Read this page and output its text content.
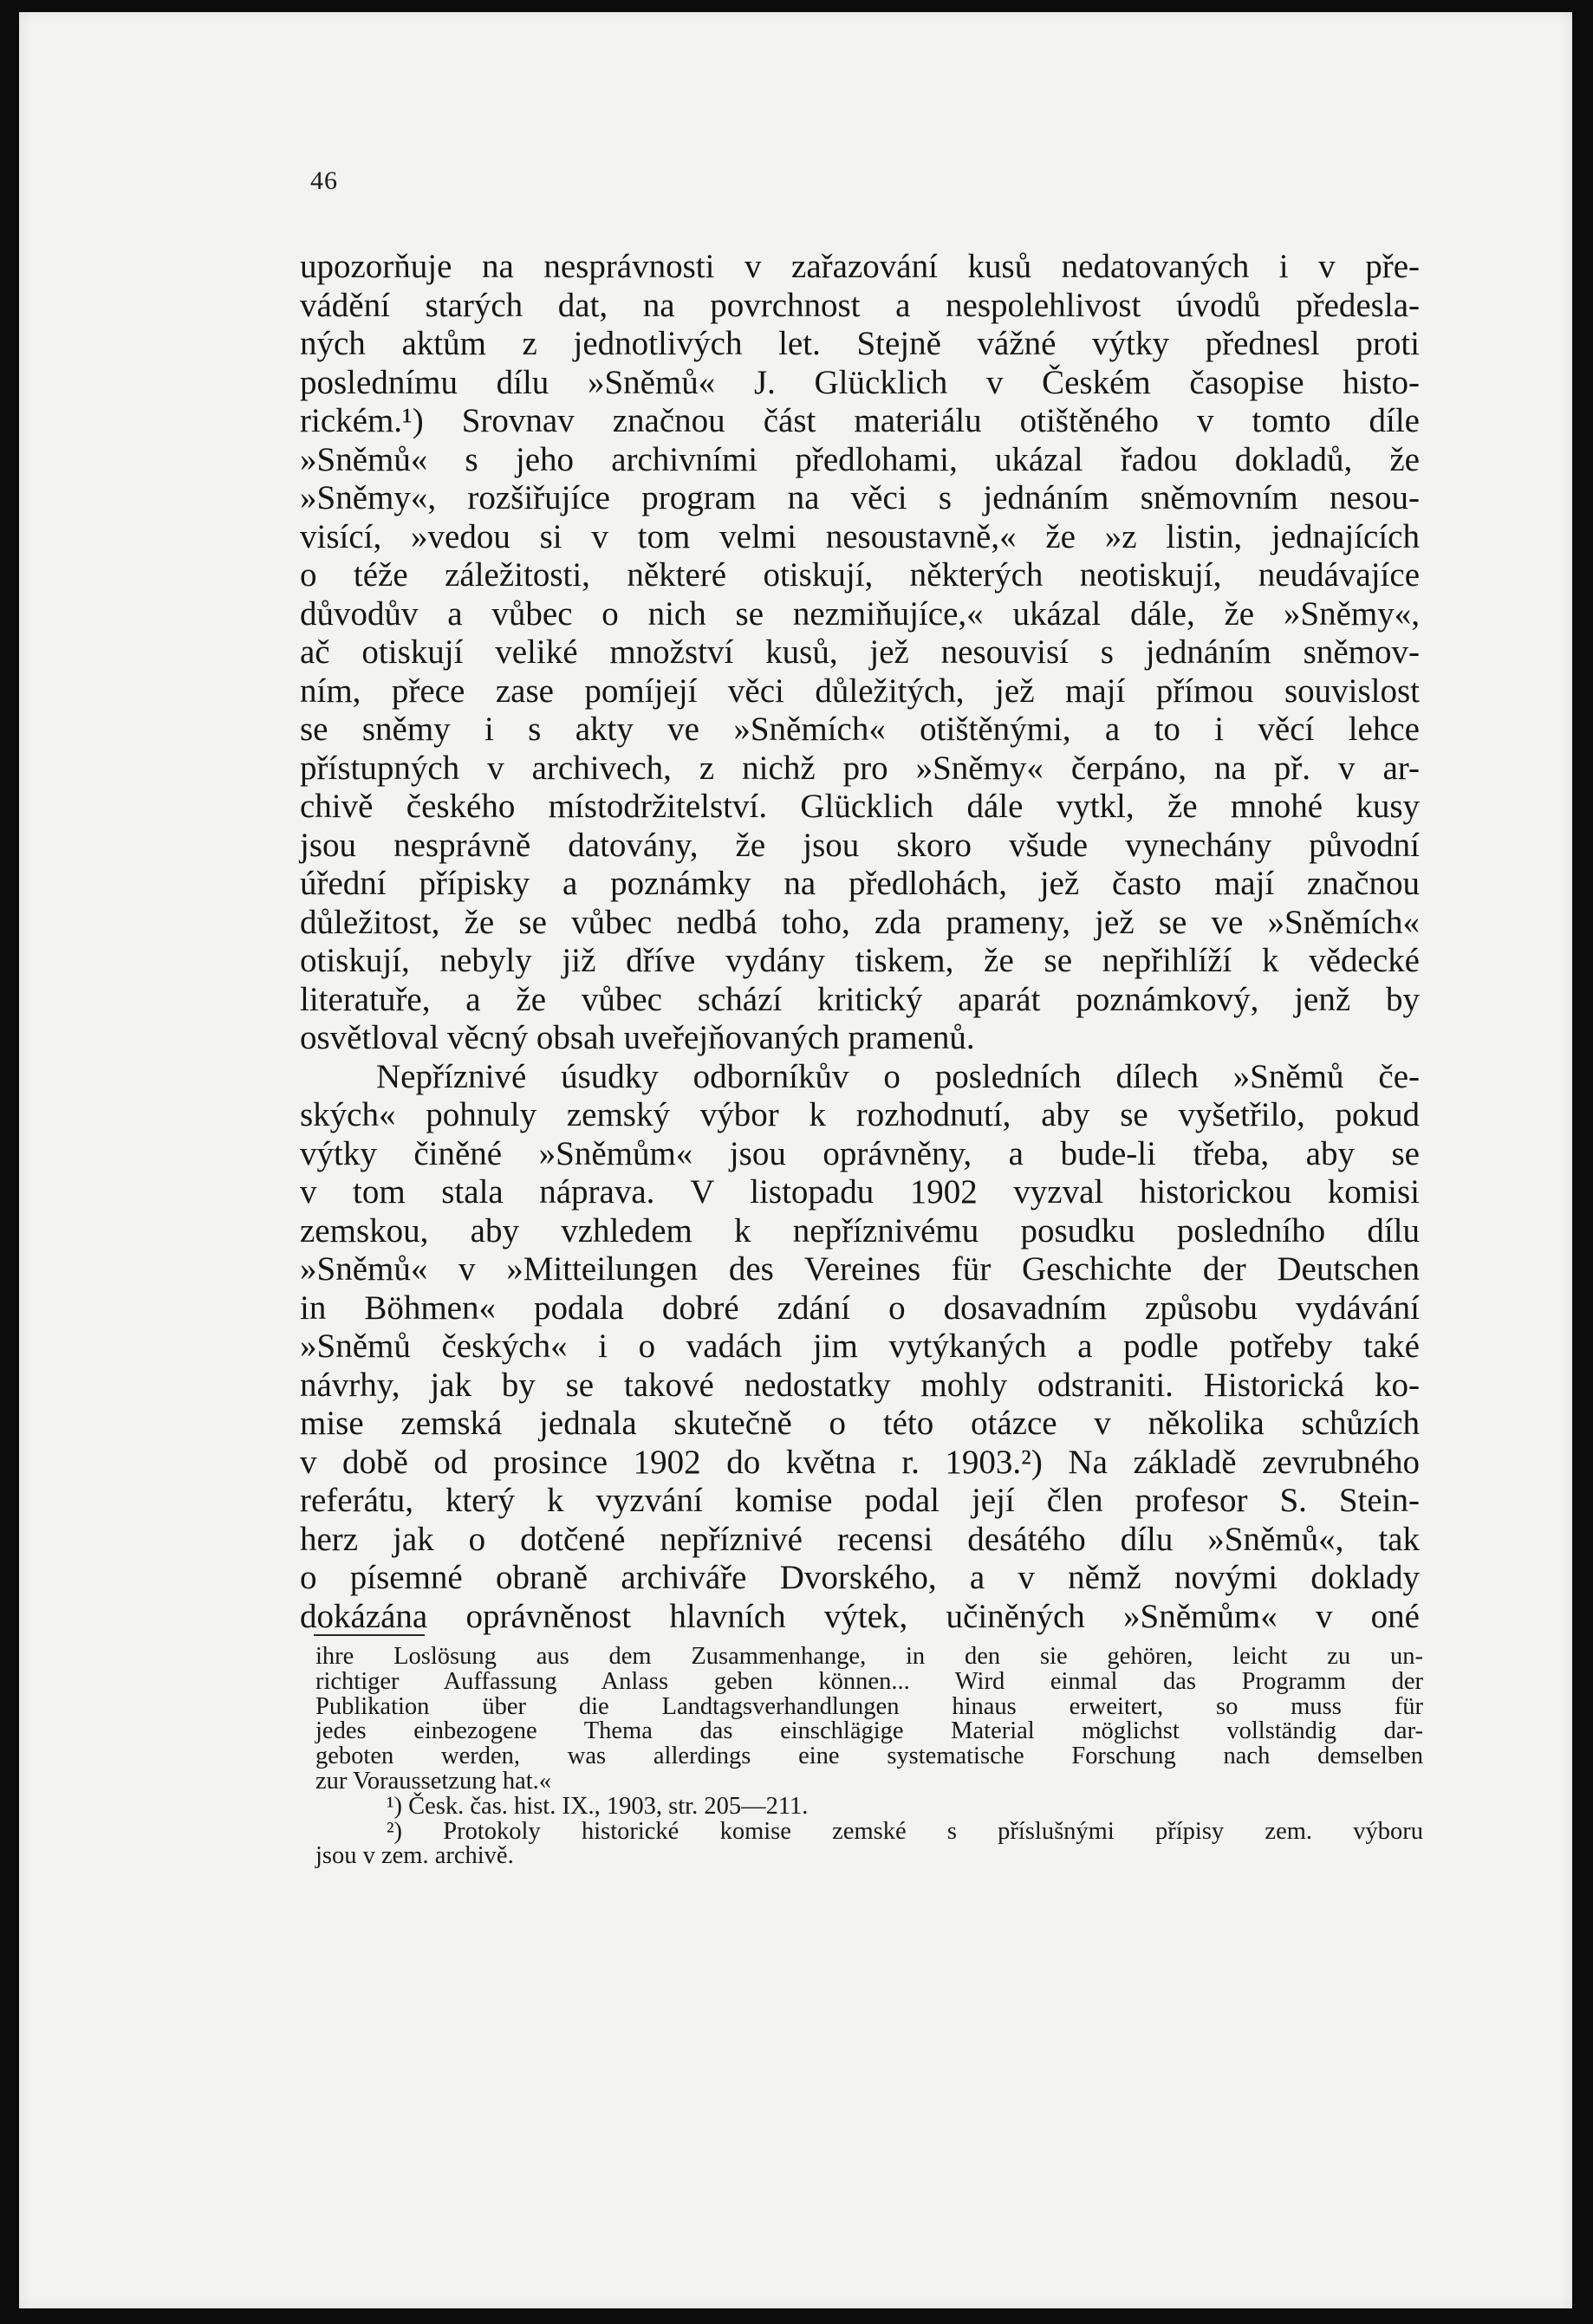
46
upozorňuje na nesprávnosti v zařazování kusů nedatovaných i v pře-
vádění starých dat, na povrchnost a nespolehlivost úvodů předesla-
ných aktům z jednotlivých let. Stejně vážné výtky přednesl proti
poslednímu dílu »Sněmů« J. Glücklich v Českém časopise histo-
rickém.¹) Srovnav značnou část materiálu otištěného v tomto díle
»Sněmů« s jeho archivními předlohami, ukázal řadou dokladů, že
»Sněmy«, rozšiřujíce program na věci s jednáním sněmovním nesou-
visící, »vedou si v tom velmi nesoustavně,« že »z listin, jednajících
o téže záležitosti, některé otiskují, některých neotiskují, neudávajíce
důvodův a vůbec o nich se nezmiňujíce,« ukázal dále, že »Sněmy«,
ač otiskují veliké množství kusů, jež nesouvisí s jednáním sněmov-
ním, přece zase pomíjejí věci důležitých, jež mají přímou souvislost
se sněmy i s akty ve »Sněmích« otištěnými, a to i věcí lehce
přístupných v archivech, z nichž pro »Sněmy« čerpáno, na př. v ar-
chivě českého místodržitelství. Glücklich dále vytkl, že mnohé kusy
jsou nesprávně datovány, že jsou skoro všude vynechány původní
úřední přípisky a poznámky na předlohách, jež často mají značnou
důležitost, že se vůbec nedbá toho, zda prameny, jež se ve »Sněmích«
otiskují, nebyly již dříve vydány tiskem, že se nepřihlíží k vědecké
literatuře, a že vůbec schází kritický aparát poznámkový, jenž by
osvětloval věcný obsah uveřejňovaných pramenů.
Nepříznivé úsudky odborníkův o posledních dílech »Sněmů če-
ských« pohnuly zemský výbor k rozhodnutí, aby se vyšetřilo, pokud
výtky činěné »Sněmům« jsou oprávněny, a bude-li třeba, aby se
v tom stala náprava. V listopadu 1902 vyzval historickou komisi
zemskou, aby vzhledem k nepříznivému posudku posledního dílu
»Sněmů« v »Mitteilungen des Vereines für Geschichte der Deutschen
in Böhmen« podala dobré zdání o dosavadním způsobu vydávání
»Sněmů českých« i o vadách jim vytýkaných a podle potřeby také
návrhy, jak by se takové nedostatky mohly odstraniti. Historická ko-
mise zemská jednala skutečně o této otázce v několika schůzích
v době od prosince 1902 do května r. 1903.²) Na základě zevrubného
referátu, který k vyzvání komise podal její člen profesor S. Stein-
herz jak o dotčené nepříznivé recensi desátého dílu »Sněmů«, tak
o písemné obraně archiváře Dvorského, a v němž novými doklady
dokázána oprávněnost hlavních výtek, učiněných »Sněmům« v oné
ihre Loslösung aus dem Zusammenhange, in den sie gehören, leicht zu un-
richtiger Auffassung Anlass geben können... Wird einmal das Programm der
Publikation über die Landtagsverhandlungen hinaus erweitert, so muss für
jedes einbezogene Thema das einschlägige Material möglichst vollständig dar-
geboten werden, was allerdings eine systematische Forschung nach demselben
zur Voraussetzung hat.«
¹) Česk. čas. hist. IX., 1903, str. 205—211.
²) Protokoly historické komise zemské s příslušnými přípisy zem. výboru
jsou v zem. archivě.
